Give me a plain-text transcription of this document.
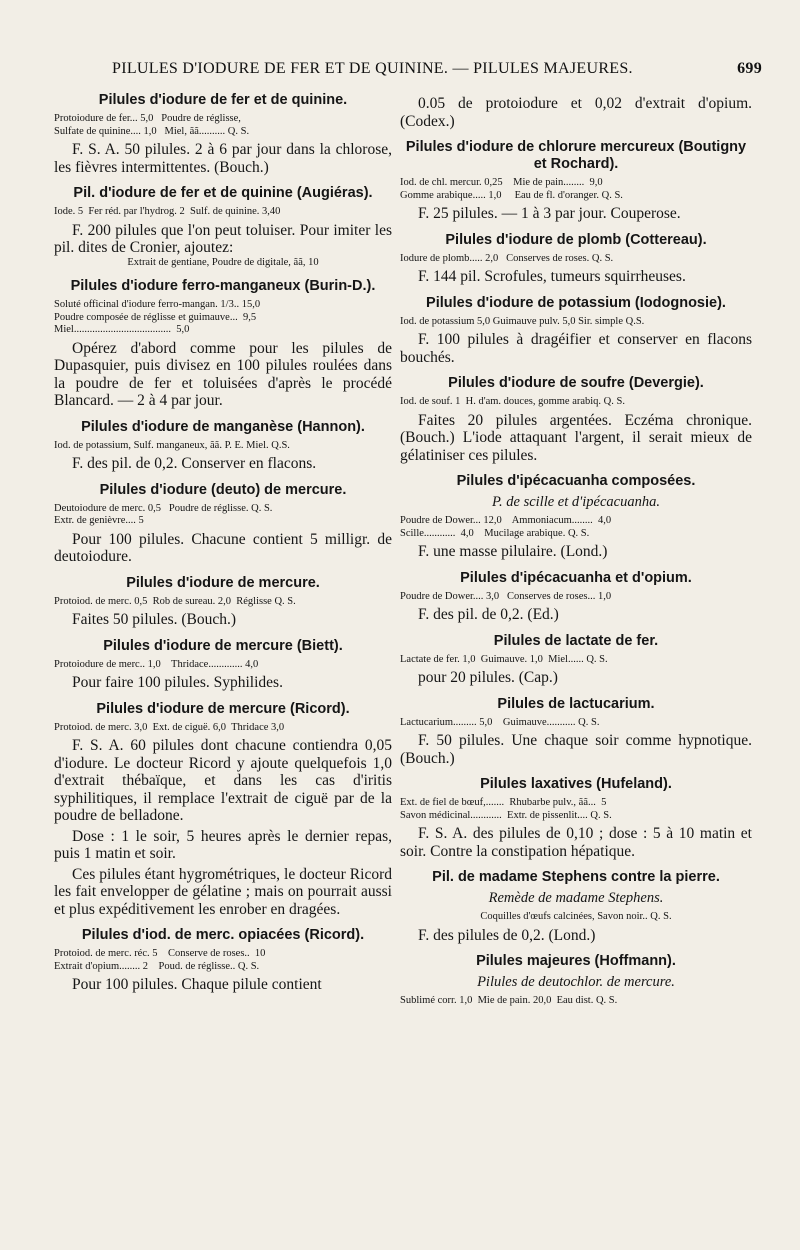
PILULES D'IODURE DE FER ET DE QUININE. — PILULES MAJEURES.	699
Pilules d'iodure de fer et de quinine.
Protoiodure de fer... 5,0   Poudre de réglisse,
Sulfate de quinine.... 1,0   Miel, ãã.......... Q. S.
F. S. A. 50 pilules. 2 à 6 par jour dans la chlorose, les fièvres intermittentes. (Bouch.)
Pil. d'iodure de fer et de quinine (Augiéras).
Iode. 5  Fer réd. par l'hydrog. 2  Sulf. de quinine. 3,40
F. 200 pilules que l'on peut toluiser. Pour imiter les pil. dites de Cronier, ajoutez:
Extrait de gentiane, Poudre de digitale, ãã, 10
Pilules d'iodure ferro-manganeux (Burin-D.).
Soluté officinal d'iodure ferro-mangan. 1/3.. 15,0
Poudre composée de réglisse et guimauve...  9,5
Miel.....................................  5,0
Opérez d'abord comme pour les pilules de Dupasquier, puis divisez en 100 pilules roulées dans la poudre de fer et toluisées d'après le procédé Blancard. — 2 à 4 par jour.
Pilules d'iodure de manganèse (Hannon).
Iod. de potassium, Sulf. manganeux, ãã. P. E. Miel. Q.S.
F. des pil. de 0,2. Conserver en flacons.
Pilules d'iodure (deuto) de mercure.
Deutoiodure de merc. 0,5   Poudre de réglisse. Q. S.
Extr. de genièvre.... 5
Pour 100 pilules. Chacune contient 5 milligr. de deutoiodure.
Pilules d'iodure de mercure.
Protoiod. de merc. 0,5  Rob de sureau. 2,0  Réglisse Q. S.
Faites 50 pilules. (Bouch.)
Pilules d'iodure de mercure (Biett).
Protoiodure de merc.. 1,0    Thridace............. 4,0
Pour faire 100 pilules. Syphilides.
Pilules d'iodure de mercure (Ricord).
Protoiod. de merc. 3,0  Ext. de ciguë. 6,0  Thridace 3,0
F. S. A. 60 pilules dont chacune contiendra 0,05 d'iodure. Le docteur Ricord y ajoute quelquefois 1,0 d'extrait thébaïque, et dans les cas d'iritis syphilitiques, il remplace l'extrait de ciguë par de la poudre de belladone.
Dose : 1 le soir, 5 heures après le dernier repas, puis 1 matin et soir.
Ces pilules étant hygrométriques, le docteur Ricord les fait envelopper de gélatine ; mais on pourrait aussi et plus expéditivement les enrober en dragées.
Pilules d'iod. de merc. opiacées (Ricord).
Protoiod. de merc. réc. 5    Conserve de roses..  10
Extrait d'opium........ 2    Poud. de réglisse.. Q. S.
Pour 100 pilules. Chaque pilule contient
0.05 de protoiodure et 0,02 d'extrait d'opium. (Codex.)
Pilules d'iodure de chlorure mercureux (Boutigny et Rochard).
Iod. de chl. mercur. 0,25    Mie de pain........  9,0
Gomme arabique..... 1,0     Eau de fl. d'oranger. Q. S.
F. 25 pilules. — 1 à 3 par jour. Couperose.
Pilules d'iodure de plomb (Cottereau).
Iodure de plomb..... 2,0   Conserves de roses. Q. S.
F. 144 pil. Scrofules, tumeurs squirrheuses.
Pilules d'iodure de potassium (Iodognosie).
Iod. de potassium 5,0 Guimauve pulv. 5,0 Sir. simple Q.S.
F. 100 pilules à dragéifier et conserver en flacons bouchés.
Pilules d'iodure de soufre (Devergie).
Iod. de souf. 1  H. d'am. douces, gomme arabiq. Q. S.
Faites 20 pilules argentées. Eczéma chronique. (Bouch.) L'iode attaquant l'argent, il serait mieux de gélatiniser ces pilules.
Pilules d'ipécacuanha composées.
P. de scille et d'ipécacuanha.
Poudre de Dower... 12,0    Ammoniacum........  4,0
Scille............  4,0    Mucilage arabique. Q. S.
F. une masse pilulaire. (Lond.)
Pilules d'ipécacuanha et d'opium.
Poudre de Dower.... 3,0   Conserves de roses... 1,0
F. des pil. de 0,2. (Ed.)
Pilules de lactate de fer.
Lactate de fer. 1,0  Guimauve. 1,0  Miel...... Q. S.
pour 20 pilules. (Cap.)
Pilules de lactucarium.
Lactucarium......... 5,0    Guimauve........... Q. S.
F. 50 pilules. Une chaque soir comme hypnotique. (Bouch.)
Pilules laxatives (Hufeland).
Ext. de fiel de bœuf,.......  Rhubarbe pulv., ãã...  5
Savon médicinal............  Extr. de pissenlit.... Q. S.
F. S. A. des pilules de 0,10 ; dose : 5 à 10 matin et soir. Contre la constipation hépatique.
Pil. de madame Stephens contre la pierre.
Remède de madame Stephens.
Coquilles d'œufs calcinées, Savon noir.. Q. S.
F. des pilules de 0,2. (Lond.)
Pilules majeures (Hoffmann).
Pilules de deutochlor. de mercure.
Sublimé corr. 1,0  Mie de pain. 20,0  Eau dist. Q. S.
